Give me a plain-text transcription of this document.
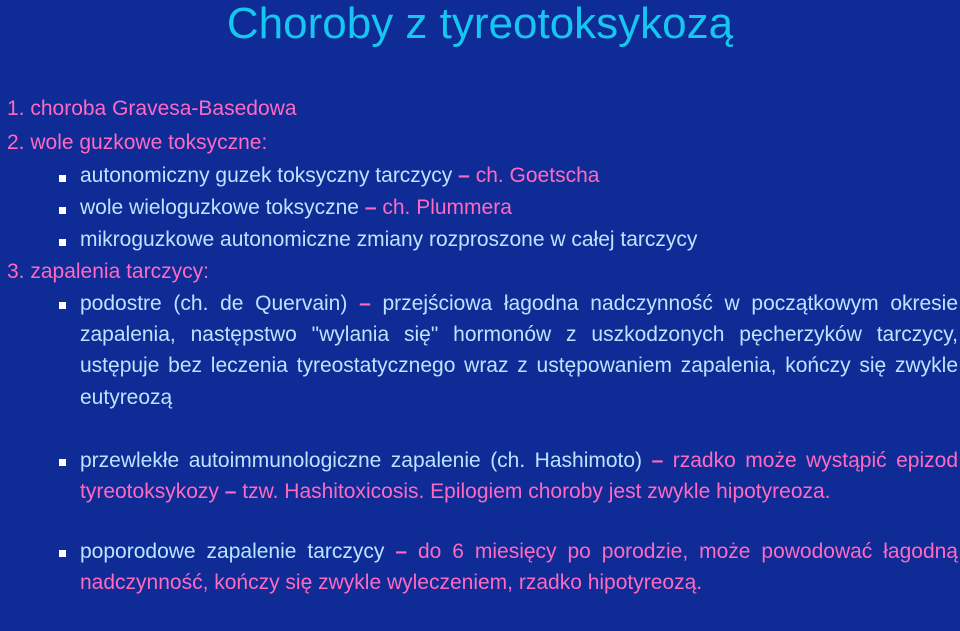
Choroby z tyreotoksykozą
1. choroba Gravesa-Basedowa
2. wole guzkowe toksyczne:
autonomiczny guzek toksyczny tarczycy – ch. Goetscha
wole wieloguzkowe toksyczne – ch. Plummera
mikroguzkowe autonomiczne zmiany rozproszone w całej tarczycy
3. zapalenia tarczycy:
podostre (ch. de Quervain) – przejściowa łagodna nadczynność w początkowym okresie zapalenia, następstwo "wylania się" hormonów z uszkodzonych pęcherzyków tarczycy, ustępuje bez leczenia tyreostatycznego wraz z ustępowaniem zapalenia, kończy się zwykle eutyreozą
przewlekłe autoimmunologiczne zapalenie (ch. Hashimoto) – rzadko może wystąpić epizod tyreotoksykozy – tzw. Hashitoxicosis. Epilogiem choroby jest zwykle hipotyreoza.
poporodowe zapalenie tarczycy – do 6 miesięcy po porodzie, może powodować łagodną nadczynność, kończy się zwykle wyleczeniem, rzadko hipotyreozą.
